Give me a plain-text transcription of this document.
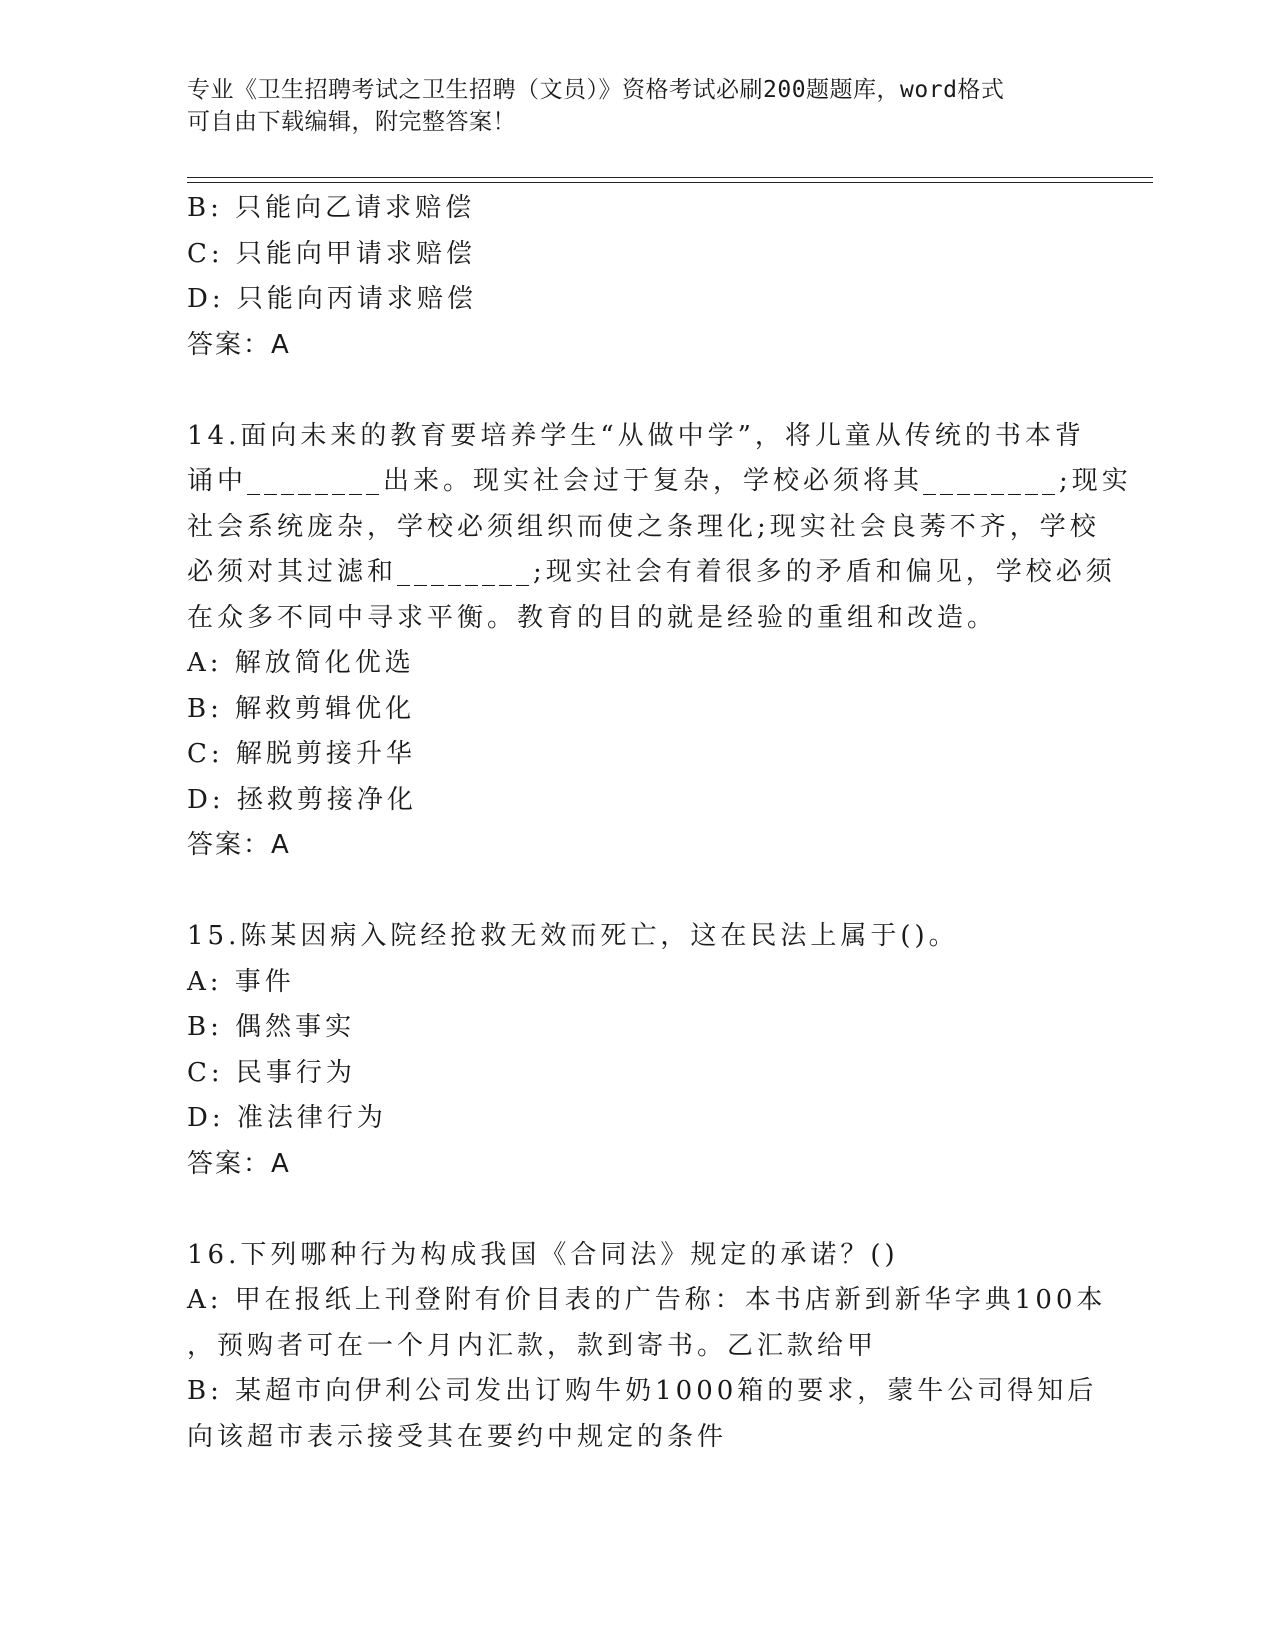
专业《卫生招聘考试之卫生招聘（文员）》资格考试必刷200题题库，word格式
可自由下载编辑，附完整答案！
B: 只能向乙请求赔偿
C: 只能向甲请求赔偿
D: 只能向丙请求赔偿
答案：A
14.面向未来的教育要培养学生“从做中学”，将儿童从传统的书本背
诵中________出来。现实社会过于复杂，学校必须将其________;现实
社会系统庞杂，学校必须组织而使之条理化;现实社会良莠不齐，学校
必须对其过滤和________;现实社会有着很多的矛盾和偏见，学校必须
在众多不同中寻求平衡。教育的目的就是经验的重组和改造。
A: 解放简化优选
B: 解救剪辑优化
C: 解脱剪接升华
D: 拯救剪接净化
答案：A
15.陈某因病入院经抢救无效而死亡，这在民法上属于()。
A: 事件
B: 偶然事实
C: 民事行为
D: 准法律行为
答案：A
16.下列哪种行为构成我国《合同法》规定的承诺？()
A: 甲在报纸上刊登附有价目表的广告称：本书店新到新华字典100本
，预购者可在一个月内汇款，款到寄书。乙汇款给甲
B: 某超市向伊利公司发出订购牛奶1000箱的要求，蒙牛公司得知后
向该超市表示接受其在要约中规定的条件
